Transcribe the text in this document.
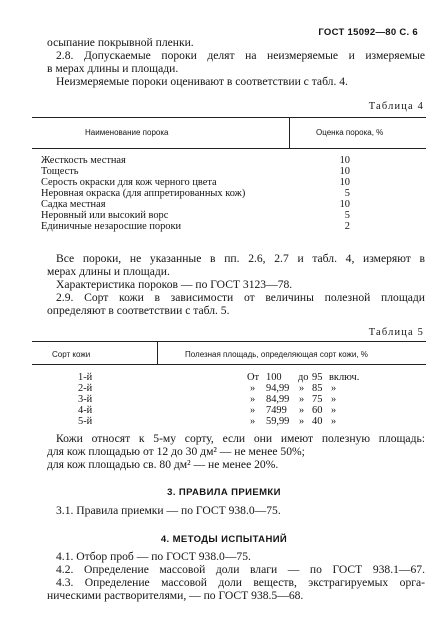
ГОСТ 15092—80 С. 6
осыпание покрывной пленки.
2.8. Допускаемые пороки делят на неизмеряемые и измеряемые
в мерах длины и площади.
Неизмеряемые пороки оценивают в соответствии с табл. 4.
Таблица 4
Наименование порока	Оценка порока, %
Жесткость местная	10
Тощесть	10
Серость окраски для кож черного цвета	10
Неровная окраска (для аппретированных кож)	5
Садка местная	10
Неровный или высокий ворс	5
Единичные незаросшие пороки	2
Все пороки, не указанные в пп. 2.6, 2.7 и табл. 4, измеряют в
мерах длины и площади.
Характеристика пороков — по ГОСТ 3123—78.
2.9. Сорт кожи в зависимости от величины полезной площади
определяют в соответствии с табл. 5.
Таблица 5
Сорт кожи	Полезная площадь, определяющая сорт кожи, %
1-й	От 100 до 95 включ.
2-й	» 94,99 » 85 »
3-й	» 84,99 » 75 »
4-й	» 7499 » 60 »
5-й	» 59,99 » 40 »
Кожи относят к 5-му сорту, если они имеют полезную площадь:
для кож площадью от 12 до 30 дм² — не менее 50%;
для кож площадью св. 80 дм² — не менее 20%.
3. ПРАВИЛА ПРИЕМКИ
3.1. Правила приемки — по ГОСТ 938.0—75.
4. МЕТОДЫ ИСПЫТАНИЙ
4.1. Отбор проб — по ГОСТ 938.0—75.
4.2. Определение массовой доли влаги — по ГОСТ 938.1—67.
4.3. Определение массовой доли веществ, экстрагируемых орга-
ническими растворителями, — по ГОСТ 938.5—68.
